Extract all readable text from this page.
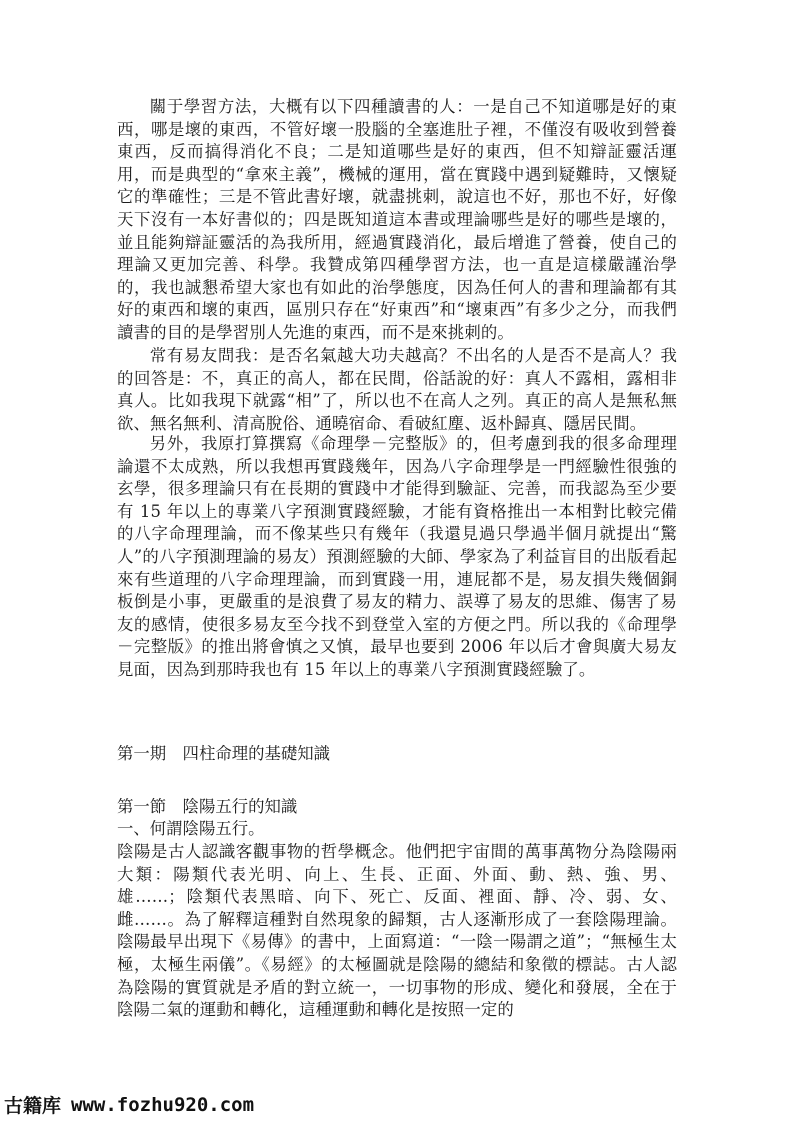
關于學習方法，大概有以下四種讀書的人：一是自己不知道哪是好的東西，哪是壞的東西，不管好壞一股腦的全塞進肚子裡，不僅沒有吸收到營養東西，反而搞得消化不良；二是知道哪些是好的東西，但不知辯証靈活運用，而是典型的“拿來主義”，機械的運用，當在實踐中遇到疑難時，又懷疑它的準確性；三是不管此書好壞，就盡挑刺，說這也不好，那也不好，好像天下沒有一本好書似的；四是既知道這本書或理論哪些是好的哪些是壞的，並且能夠辯証靈活的為我所用，經過實踐消化，最后增進了營養，使自己的理論又更加完善、科學。我贊成第四種學習方法，也一直是這樣嚴謹治學的，我也誠懇希望大家也有如此的治學態度，因為任何人的書和理論都有其好的東西和壞的東西，區別只存在“好東西”和“壞東西”有多少之分，而我們讀書的目的是學習別人先進的東西，而不是來挑刺的。

常有易友問我：是否名氣越大功夫越高？不出名的人是否不是高人？我的回答是：不，真正的高人，都在民間，俗話說的好：真人不露相，露相非真人。比如我現下就露“相”了，所以也不在高人之列。真正的高人是無私無欲、無名無利、清高脫俗、通曉宿命、看破紅塵、返朴歸真、隱居民間。

另外，我原打算撰寫《命理學－完整版》的，但考慮到我的很多命理理論還不太成熟，所以我想再實踐幾年，因為八字命理學是一門經驗性很強的玄學，很多理論只有在長期的實踐中才能得到驗証、完善，而我認為至少要有 15 年以上的專業八字預測實踐經驗，才能有資格推出一本相對比較完備的八字命理理論，而不像某些只有幾年（我還見過只學過半個月就提出“驚人”的八字預測理論的易友）預測經驗的大師、學家為了利益盲目的出版看起來有些道理的八字命理理論，而到實踐一用，連屁都不是，易友損失幾個銅板倒是小事，更嚴重的是浪費了易友的精力、誤導了易友的思維、傷害了易友的感情，使很多易友至今找不到登堂入室的方便之門。所以我的《命理學－完整版》的推出將會慎之又慎，最早也要到 2006 年以后才會與廣大易友見面，因為到那時我也有 15 年以上的專業八字預測實踐經驗了。

第一期　四柱命理的基礎知識

第一節　陰陽五行的知識

一、何謂陰陽五行。

陰陽是古人認識客觀事物的哲學概念。他們把宇宙間的萬事萬物分為陰陽兩大類：陽類代表光明、向上、生長、正面、外面、動、熱、強、男、雄……；陰類代表黑暗、向下、死亡、反面、裡面、靜、冷、弱、女、雌……。為了解釋這種對自然現象的歸類，古人逐漸形成了一套陰陽理論。陰陽最早出現下《易傳》的書中，上面寫道：“一陰一陽謂之道”；“無極生太極，太極生兩儀”。《易經》的太極圖就是陰陽的總結和象徵的標誌。古人認為陰陽的實質就是矛盾的對立統一，一切事物的形成、變化和發展，全在于陰陽二氣的運動和轉化，這種運動和轉化是按照一定的

古籍库 www.fozhu920.com
